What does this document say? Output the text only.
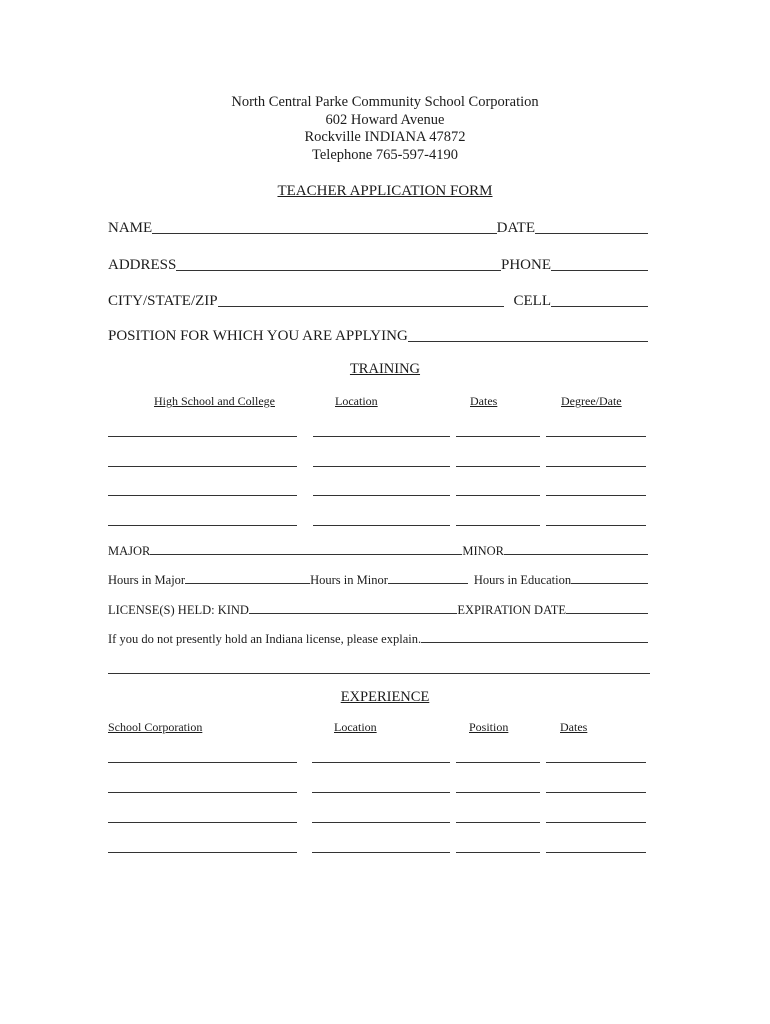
North Central Parke Community School Corporation
602 Howard Avenue
Rockville INDIANA 47872
Telephone 765-597-4190
TEACHER APPLICATION FORM
NAME	DATE
ADDRESS	PHONE
CITY/STATE/ZIP	CELL
POSITION FOR WHICH YOU ARE APPLYING
TRAINING
High School and College	Location	Dates	Degree/Date
MAJOR	MINOR
Hours in Major	Hours in Minor	Hours in Education
LICENSE(S) HELD: KIND	EXPIRATION DATE
If you do not presently hold an Indiana license, please explain.
EXPERIENCE
School Corporation	Location	Position	Dates
